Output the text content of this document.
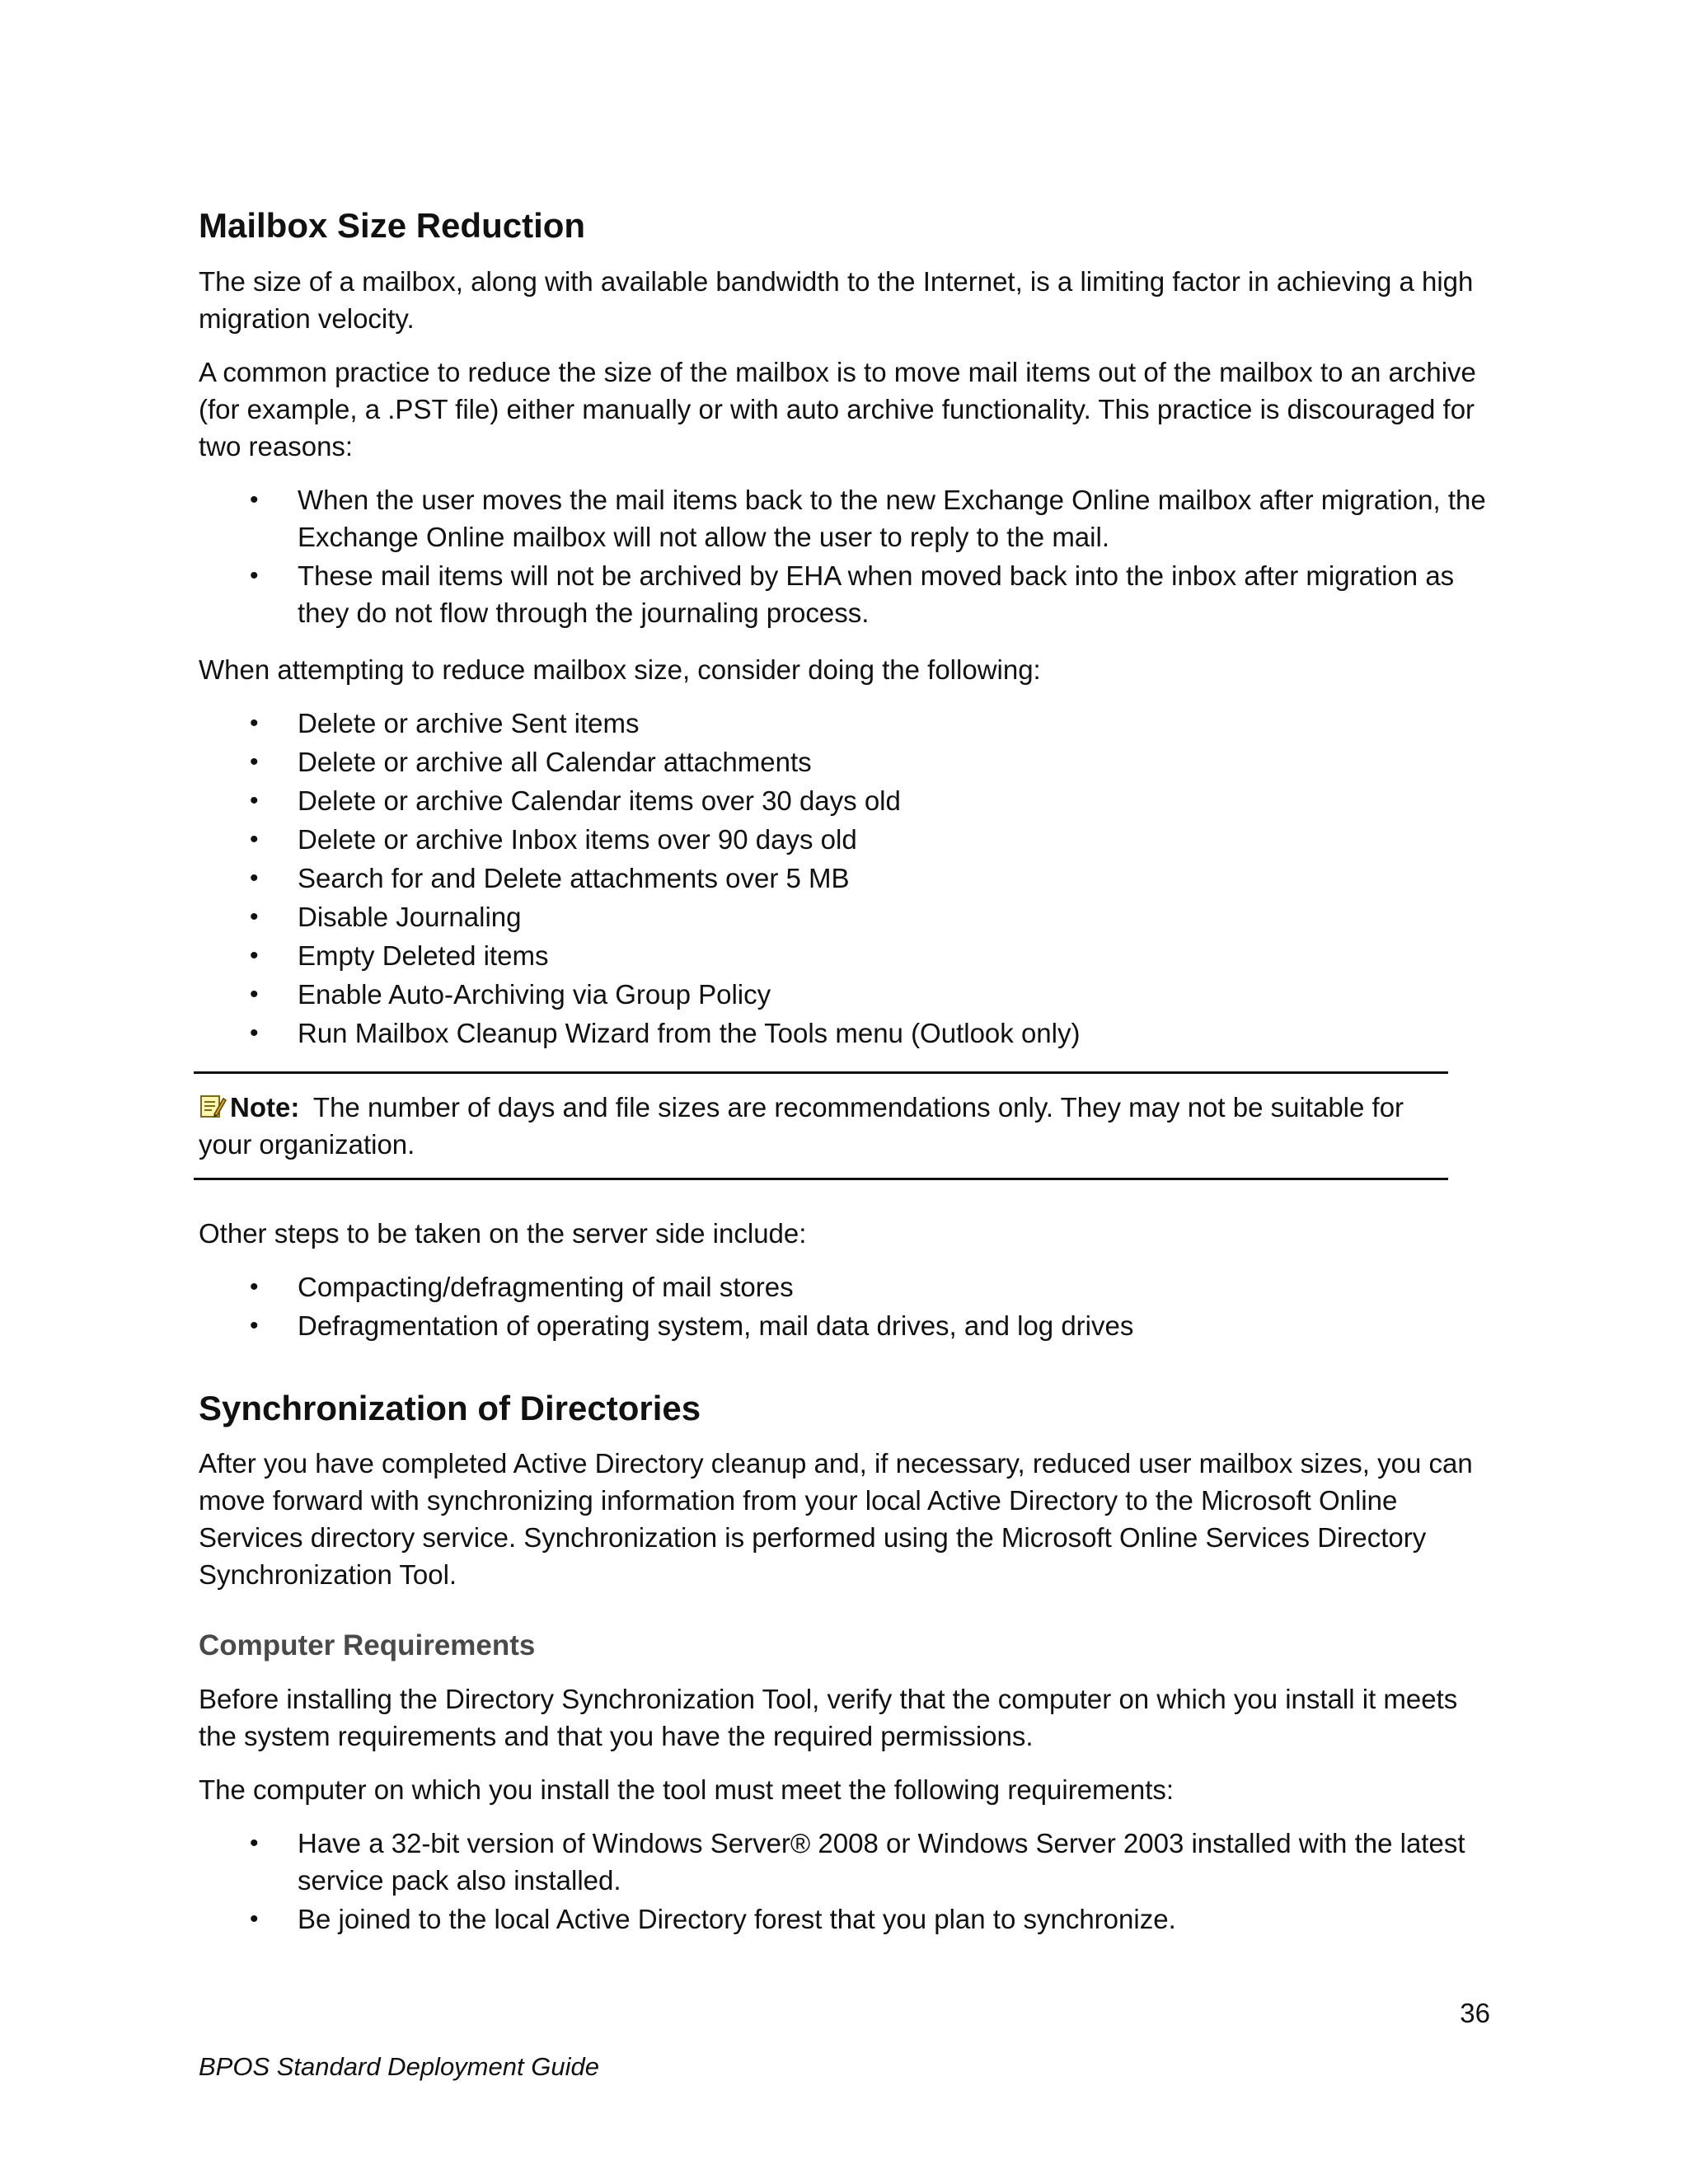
Mailbox Size Reduction

The size of a mailbox, along with available bandwidth to the Internet, is a limiting factor in achieving a high migration velocity.

A common practice to reduce the size of the mailbox is to move mail items out of the mailbox to an archive (for example, a .PST file) either manually or with auto archive functionality. This practice is discouraged for two reasons:

• When the user moves the mail items back to the new Exchange Online mailbox after migration, the Exchange Online mailbox will not allow the user to reply to the mail.
• These mail items will not be archived by EHA when moved back into the inbox after migration as they do not flow through the journaling process.

When attempting to reduce mailbox size, consider doing the following:

• Delete or archive Sent items
• Delete or archive all Calendar attachments
• Delete or archive Calendar items over 30 days old
• Delete or archive Inbox items over 90 days old
• Search for and Delete attachments over 5 MB
• Disable Journaling
• Empty Deleted items
• Enable Auto-Archiving via Group Policy
• Run Mailbox Cleanup Wizard from the Tools menu (Outlook only)

Note: The number of days and file sizes are recommendations only. They may not be suitable for your organization.

Other steps to be taken on the server side include:

• Compacting/defragmenting of mail stores
• Defragmentation of operating system, mail data drives, and log drives
Synchronization of Directories

After you have completed Active Directory cleanup and, if necessary, reduced user mailbox sizes, you can move forward with synchronizing information from your local Active Directory to the Microsoft Online Services directory service. Synchronization is performed using the Microsoft Online Services Directory Synchronization Tool.

Computer Requirements

Before installing the Directory Synchronization Tool, verify that the computer on which you install it meets the system requirements and that you have the required permissions.

The computer on which you install the tool must meet the following requirements:

• Have a 32-bit version of Windows Server® 2008 or Windows Server 2003 installed with the latest service pack also installed.
• Be joined to the local Active Directory forest that you plan to synchronize.
36
BPOS Standard Deployment Guide
